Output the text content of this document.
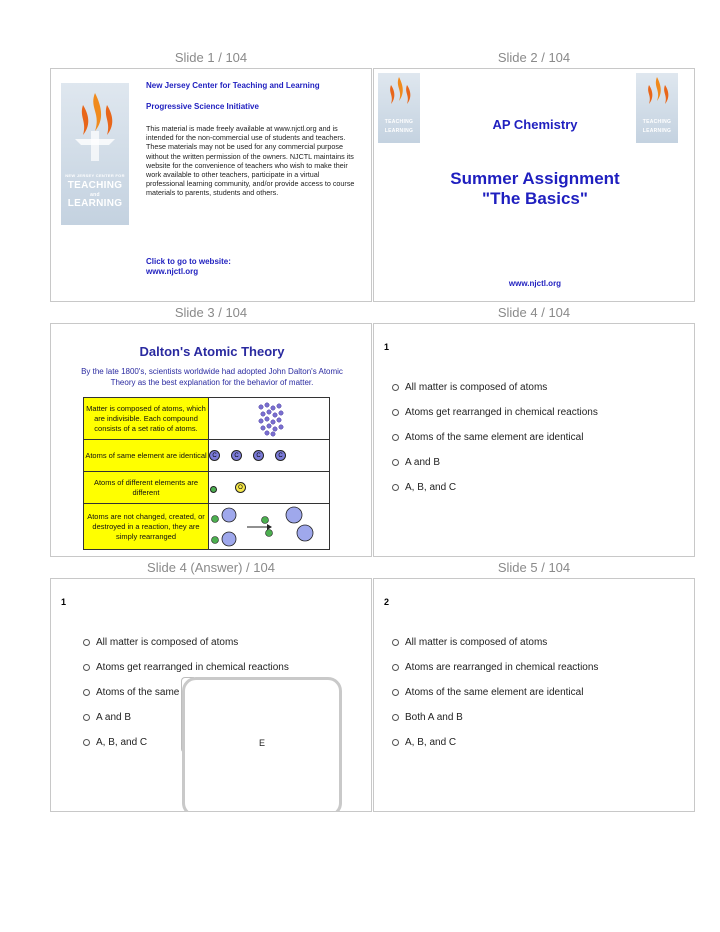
Slide 1 / 104	Slide 2 / 104
Slide 3 / 104	Slide 4 / 104
Slide 4 (Answer) / 104	Slide 5 / 104
NEW JERSEY CENTER FOR
TEACHING
and
LEARNING
New Jersey Center for Teaching and Learning
Progressive Science Initiative
This material is made freely available at www.njctl.org and is intended for the non-commercial use of students and teachers. These materials may not be used for any commercial purpose without the written permission of the owners. NJCTL maintains its website for the convenience of teachers who wish to make their work available to other teachers, participate in a virtual professional learning community, and/or provide access to course materials to parents, students and others.
Click to go to website:
www.njctl.org
TEACHING
LEARNING
TEACHING
LEARNING
AP Chemistry
Summer Assignment
"The Basics"
www.njctl.org
Dalton's Atomic Theory
By the late 1800's, scientists worldwide had adopted John Dalton's Atomic Theory as the best explanation for the behavior of matter.
Matter is composed of atoms, which are indivisible. Each compound consists of a set ratio of atoms.	

Atoms of same element are identical	C C C C

Atoms of different elements are different	O

Atoms are not changed, created, or destroyed in a reaction, they are simply rearranged	
1
All matter is composed of atoms
Atoms get rearranged in chemical reactions
Atoms of the same element are identical
A and B
A, B, and C
1
All matter is composed of atoms
Atoms get rearranged in chemical reactions
Atoms of the same
A and B
A, B, and C	E
2
All matter is composed of atoms
Atoms are rearranged in chemical reactions
Atoms of the same element are identical
Both A and B
A, B, and C
